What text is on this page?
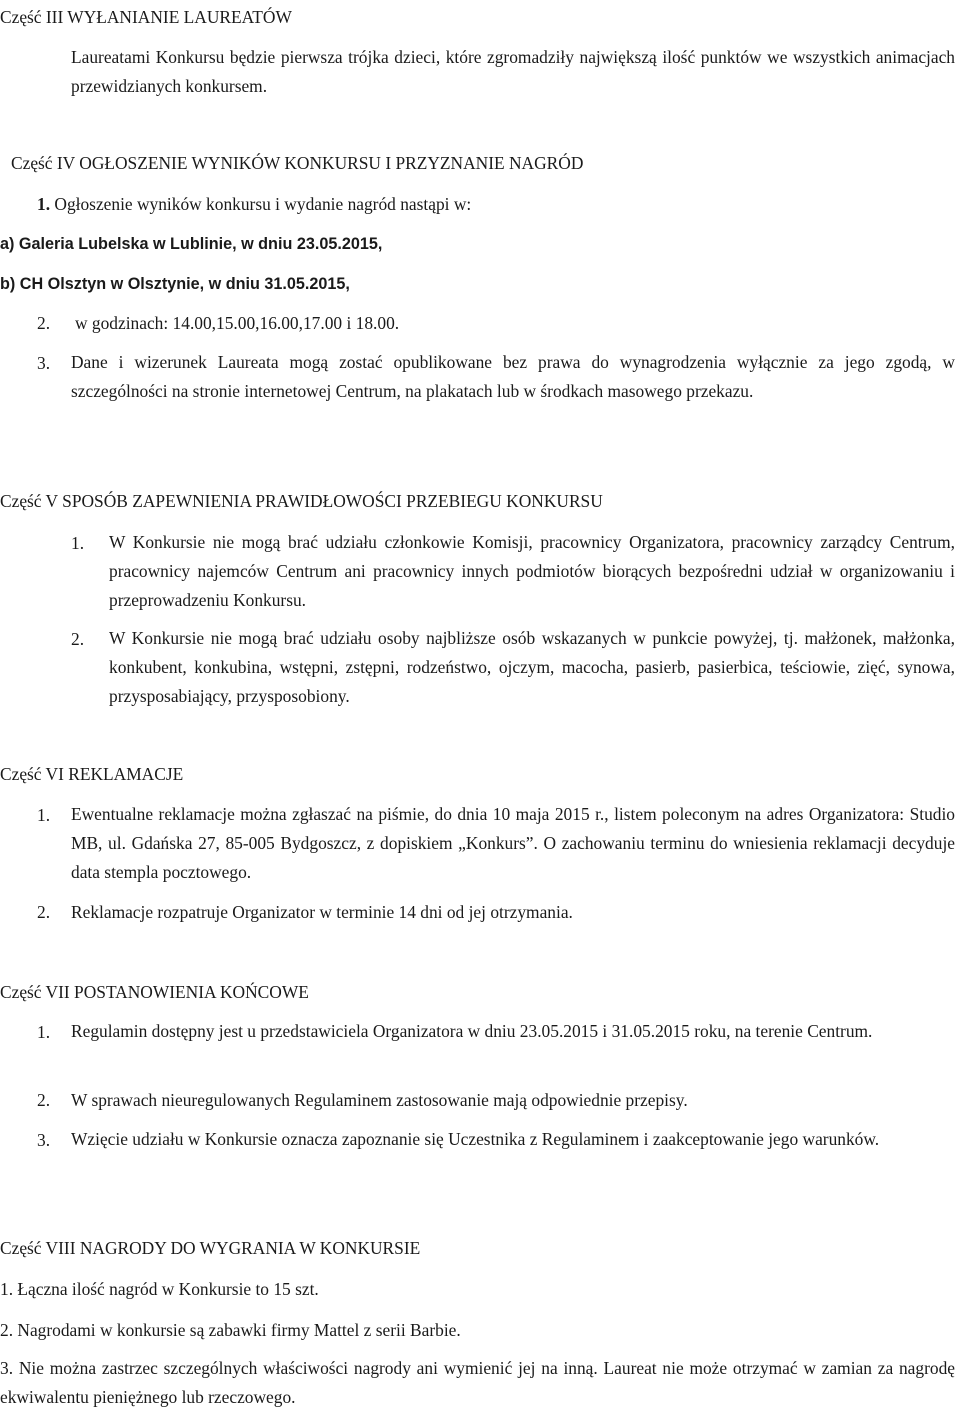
Część III WYŁANIANIE LAUREATÓW
Laureatami Konkursu będzie pierwsza trójka dzieci, które zgromadziły największą ilość punktów we wszystkich animacjach przewidzianych konkursem.
Część IV OGŁOSZENIE WYNIKÓW KONKURSU I PRZYZNANIE NAGRÓD
1. Ogłoszenie wyników konkursu i wydanie nagród nastąpi w:
a) Galeria Lubelska w Lublinie, w dniu 23.05.2015,
b) CH Olsztyn w Olsztynie, w dniu 31.05.2015,
2. w godzinach: 14.00,15.00,16.00,17.00 i 18.00.
3. Dane i wizerunek Laureata mogą zostać opublikowane bez prawa do wynagrodzenia wyłącznie za jego zgodą, w szczególności na stronie internetowej Centrum, na plakatach lub w środkach masowego przekazu.
Część V SPOSÓB ZAPEWNIENIA PRAWIDŁOWOŚCI PRZEBIEGU KONKURSU
1. W Konkursie nie mogą brać udziału członkowie Komisji, pracownicy Organizatora, pracownicy zarządcy Centrum, pracownicy najemców Centrum ani pracownicy innych podmiotów biorących bezpośredni udział w organizowaniu i przeprowadzeniu Konkursu.
2. W Konkursie nie mogą brać udziału osoby najbliższe osób wskazanych w punkcie powyżej, tj. małżonek, małżonka, konkubent, konkubina, wstępni, zstępni, rodzeństwo, ojczym, macocha, pasierb, pasierbica, teściowie, zięć, synowa, przysposabiający, przysposobiony.
Część VI REKLAMACJE
1. Ewentualne reklamacje można zgłaszać na piśmie, do dnia 10 maja 2015 r., listem poleconym na adres Organizatora: Studio MB, ul. Gdańska 27, 85-005 Bydgoszcz, z dopiskiem „Konkurs”. O zachowaniu terminu do wniesienia reklamacji decyduje data stempla pocztowego.
2. Reklamacje rozpatruje Organizator w terminie 14 dni od jej otrzymania.
Część VII POSTANOWIENIA KOŃCOWE
1. Regulamin dostępny jest u przedstawiciela Organizatora w dniu 23.05.2015 i 31.05.2015 roku, na terenie Centrum.
2. W sprawach nieuregulowanych Regulaminem zastosowanie mają odpowiednie przepisy.
3. Wzięcie udziału w Konkursie oznacza zapoznanie się Uczestnika z Regulaminem i zaakceptowanie jego warunków.
Część VIII NAGRODY DO WYGRANIA W KONKURSIE
1. Łączna ilość nagród w Konkursie to 15 szt.
2. Nagrodami w konkursie są zabawki firmy Mattel z serii Barbie.
3. Nie można zastrzec szczególnych właściwości nagrody ani wymienić jej na inną. Laureat nie może otrzymać w zamian za nagrodę ekwiwalentu pieniężnego lub rzeczowego.
